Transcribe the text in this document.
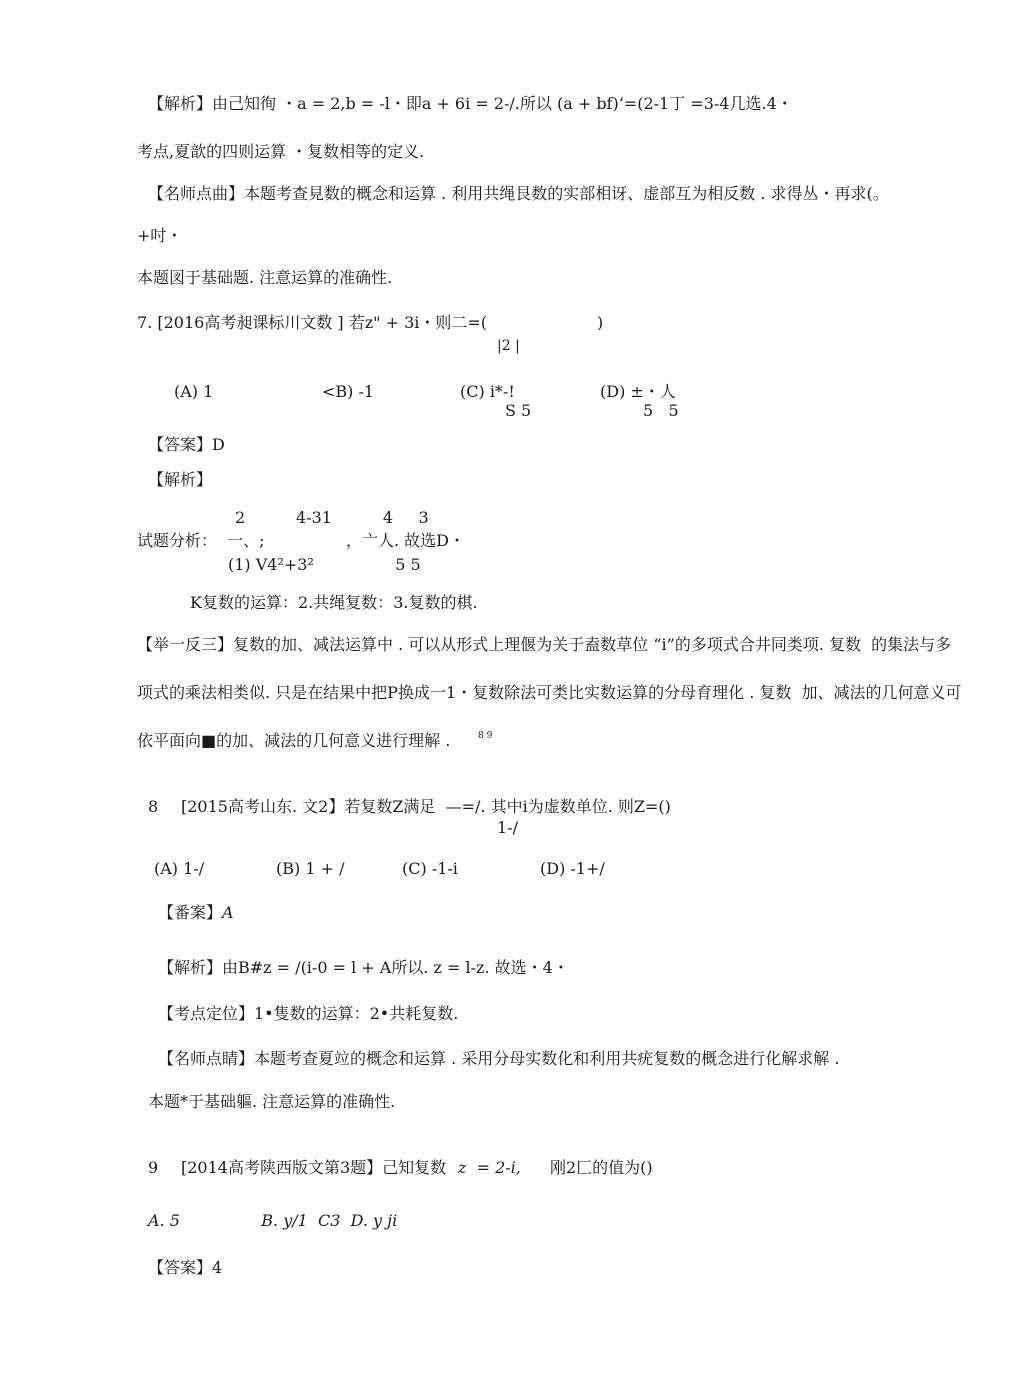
【解析】由己知徇 ・a = 2,b = -l・即a + 6i = 2-/.所以 (a + bf)‘=(2-1丁 =3-4几选.4・
考点,夏歆的四则运算 ・复数相等的定义.
【名师点曲】本题考查見数的概念和运算 . 利用共绳艮数的实部相讶、虚部互为相反数 . 求得丛・再求(。
+吋・
本题図于基础题. 注意运算的准确性.
7. [2016高考昶课标川文数 ] 若z" + 3i・则二=(	)
|2 |
(A) 1	<B) -1	(C) i*-!
S 5
(D) ±・人
5   5
【答案】D
【解析】
2          4-31          4     3
试题分析：  一、;                ，亠人. 故选D・
(1) V4²+3²                5 5
K复数的运算：2.共绳复数：3.复数的棋.
【举一反三】复数的加、减法运算中 . 可以从形式上理偃为关于盍数草位 “i”的多项式合井同类项. 复数  的集法与多
项式的乘法相类似. 只是在结果中把P换成一1・复数除法可类比实数运算的分母育理化 . 复数  加、减法的几何意义可
依平面向■的加、减法的几何意义进行理解 .	8 9
8 [2015高考山东. 文2】若复数Z满足  —=/. 其中i为虚数单位. 则Z=()
1-/
(A) 1-/	(B) 1 + /	(C) -1-i	(D) -1+/
【番案】 A
【解析】由B#z = /(i-0 = l + A所以. z = l-z. 故选・4・
【考点定位】1•隻数的运算：2•共耗复数.
【名师点睛】本题考查夏竝的概念和运算 . 采用分母实数化和利用共疣复数的概念进行化解求解 .
本题*于基础軀. 注意运算的准确性.
9 [2014高考陕西版文第3题】己知复数 z  = 2-i, 刚2匚的值为()
A. 5                B. y/1  C3  D. y ji
【答案】4
